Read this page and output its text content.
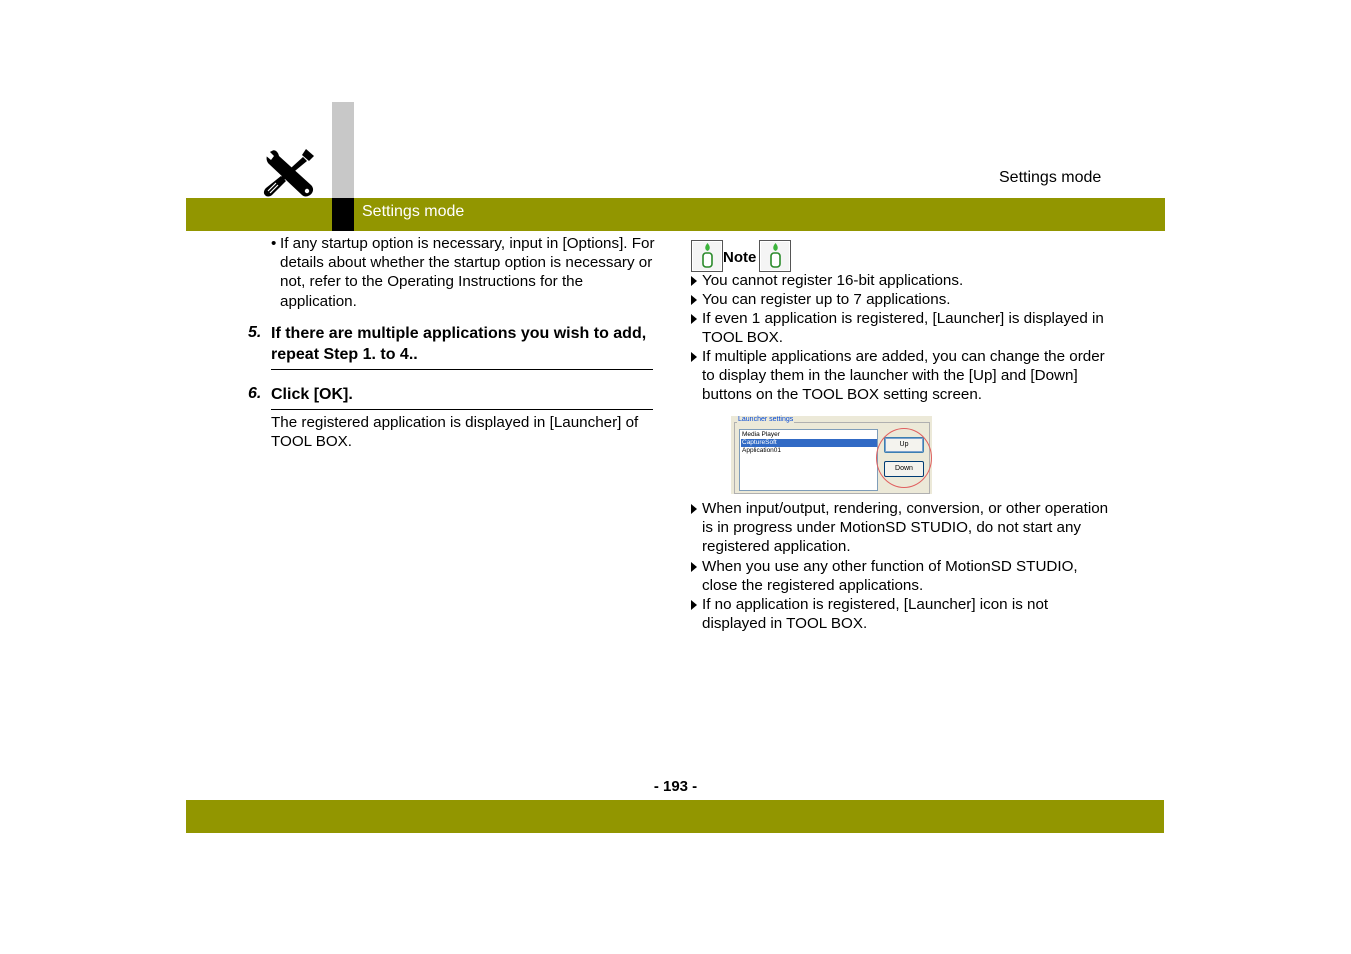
Settings mode
Settings mode
• If any startup option is necessary, input in [Options]. For details about whether the startup option is necessary or not, refer to the Operating Instructions for the application.
5. If there are multiple applications you wish to add, repeat Step 1. to 4..
6. Click [OK].
The registered application is displayed in [Launcher] of TOOL BOX.
Note
You cannot register 16-bit applications.
You can register up to 7 applications.
If even 1 application is registered, [Launcher] is displayed in TOOL BOX.
If multiple applications are added, you can change the order to display them in the launcher with the [Up] and [Down] buttons on the TOOL BOX setting screen.
Launcher settings
Media Player
CaptureSoft
Application01
Up
Down
When input/output, rendering, conversion, or other operation is in progress under MotionSD STUDIO, do not start any registered application.
When you use any other function of MotionSD STUDIO, close the registered applications.
If no application is registered, [Launcher] icon is not displayed in TOOL BOX.
- 193 -
